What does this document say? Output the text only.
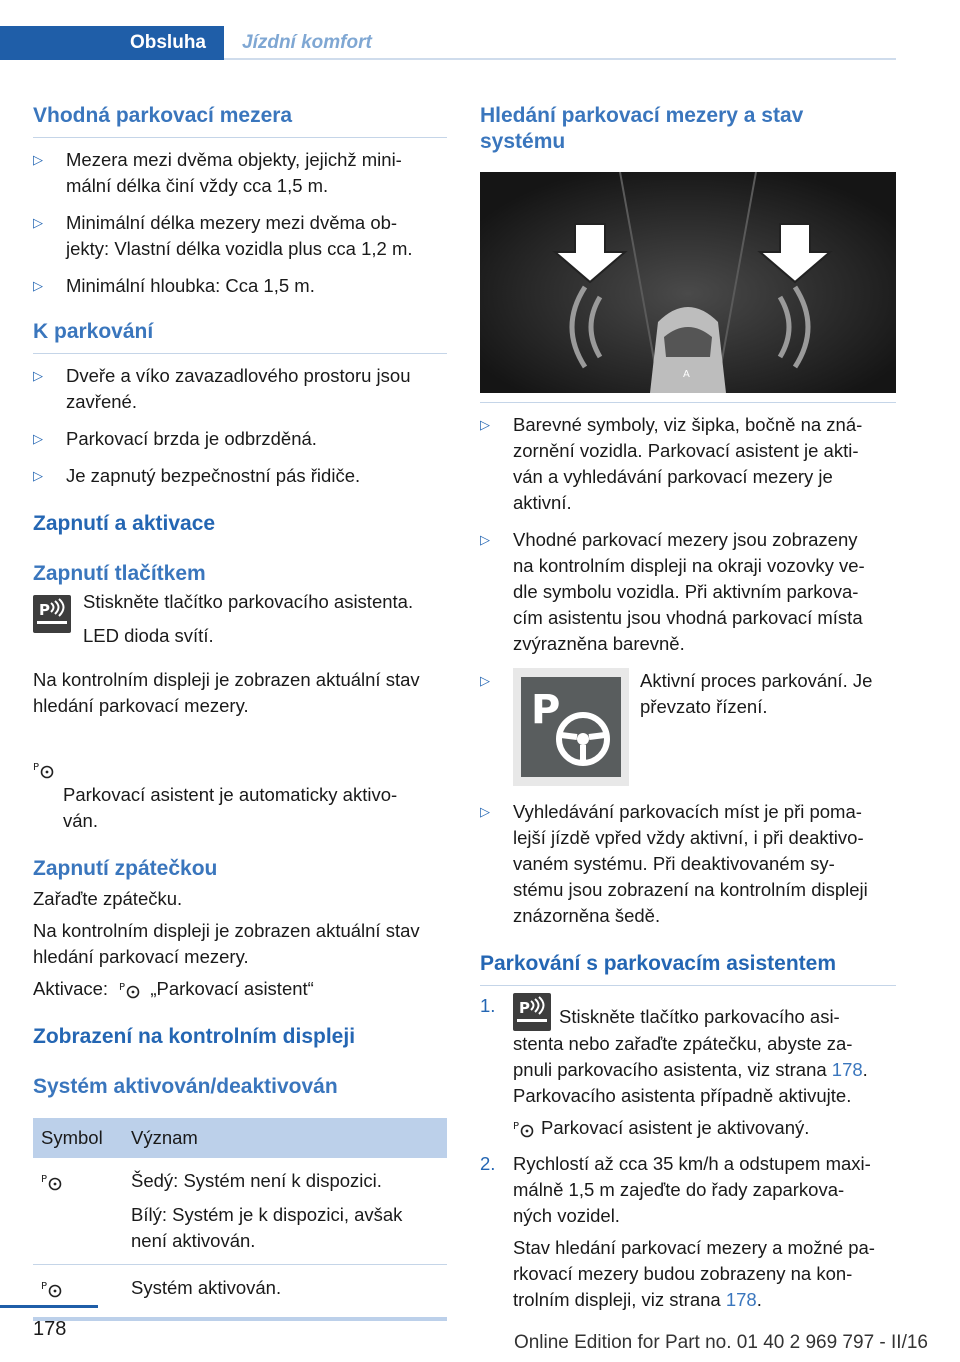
Obsluha Jízdní komfort
Vhodná parkovací mezera
▷ Mezera mezi dvěma objekty, jejichž mini-
mální délka činí vždy cca 1,5 m.
▷ Minimální délka mezery mezi dvěma ob-
jekty: Vlastní délka vozidla plus cca 1,2 m.
▷ Minimální hloubka: Cca 1,5 m.
K parkování
▷ Dveře a víko zavazadlového prostoru jsou
zavřené.
▷ Parkovací brzda je odbrzděná.
▷ Je zapnutý bezpečnostní pás řidiče.
Zapnutí a aktivace
Zapnutí tlačítkem
P Stiskněte tlačítko parkovacího asistenta.

LED dioda svítí.

Na kontrolním displeji je zobrazen aktuální stav hledání parkovací mezery.

P

Parkovací asistent je automaticky aktivo-
ván.

Zapnutí zpátečkou

Zařaďte zpátečku.

Na kontrolním displeji je zobrazen aktuální stav hledání parkovací mezery.

Aktivace: P „Parkovací asistent“

Zobrazení na kontrolním displeji
Systém aktivován/deaktivován
Symbol	Význam

P	Šedý: Systém není k dispozici.

Bílý: Systém je k dispozici, avšak
není aktivován.

P	Systém aktivován.

Hledání parkovací mezery a stav
systému
A
▷ Barevné symboly, viz šipka, bočně na zná-
zornění vozidla. Parkovací asistent je akti-
ván a vyhledávání parkovací mezery je
aktivní.
▷ Vhodné parkovací mezery jsou zobrazeny
na kontrolním displeji na okraji vozovky ve-
dle symbolu vozidla. Při aktivním parkova-
cím asistentu jsou vhodná parkovací místa
zvýrazněna barevně.
▷
P
Aktivní proces parkování. Je
převzato řízení.
▷ Vyhledávání parkovacích míst je při poma-
lejší jízdě vpřed vždy aktivní, i při deaktivo-
vaném systému. Při deaktivovaném sy-
stému jsou zobrazení na kontrolním displeji
znázorněna šedě.
Parkování s parkovacím asistentem
1. P Stiskněte tlačítko parkovacího asi-

stenta nebo zařaďte zpátečku, abyste za-
pnuli parkovacího asistenta, viz strana 178.
Parkovacího asistenta případně aktivujte.

P Parkovací asistent je aktivovaný.

2. Rychlostí až cca 35 km/h a odstupem maxi-
málně 1,5 m zajeďte do řady zaparkova-
ných vozidel.

Stav hledání parkovací mezery a možné pa-
rkovací mezery budou zobrazeny na kon-
trolním displeji, viz strana 178.

178
Online Edition for Part no. 01 40 2 969 797 - II/16
